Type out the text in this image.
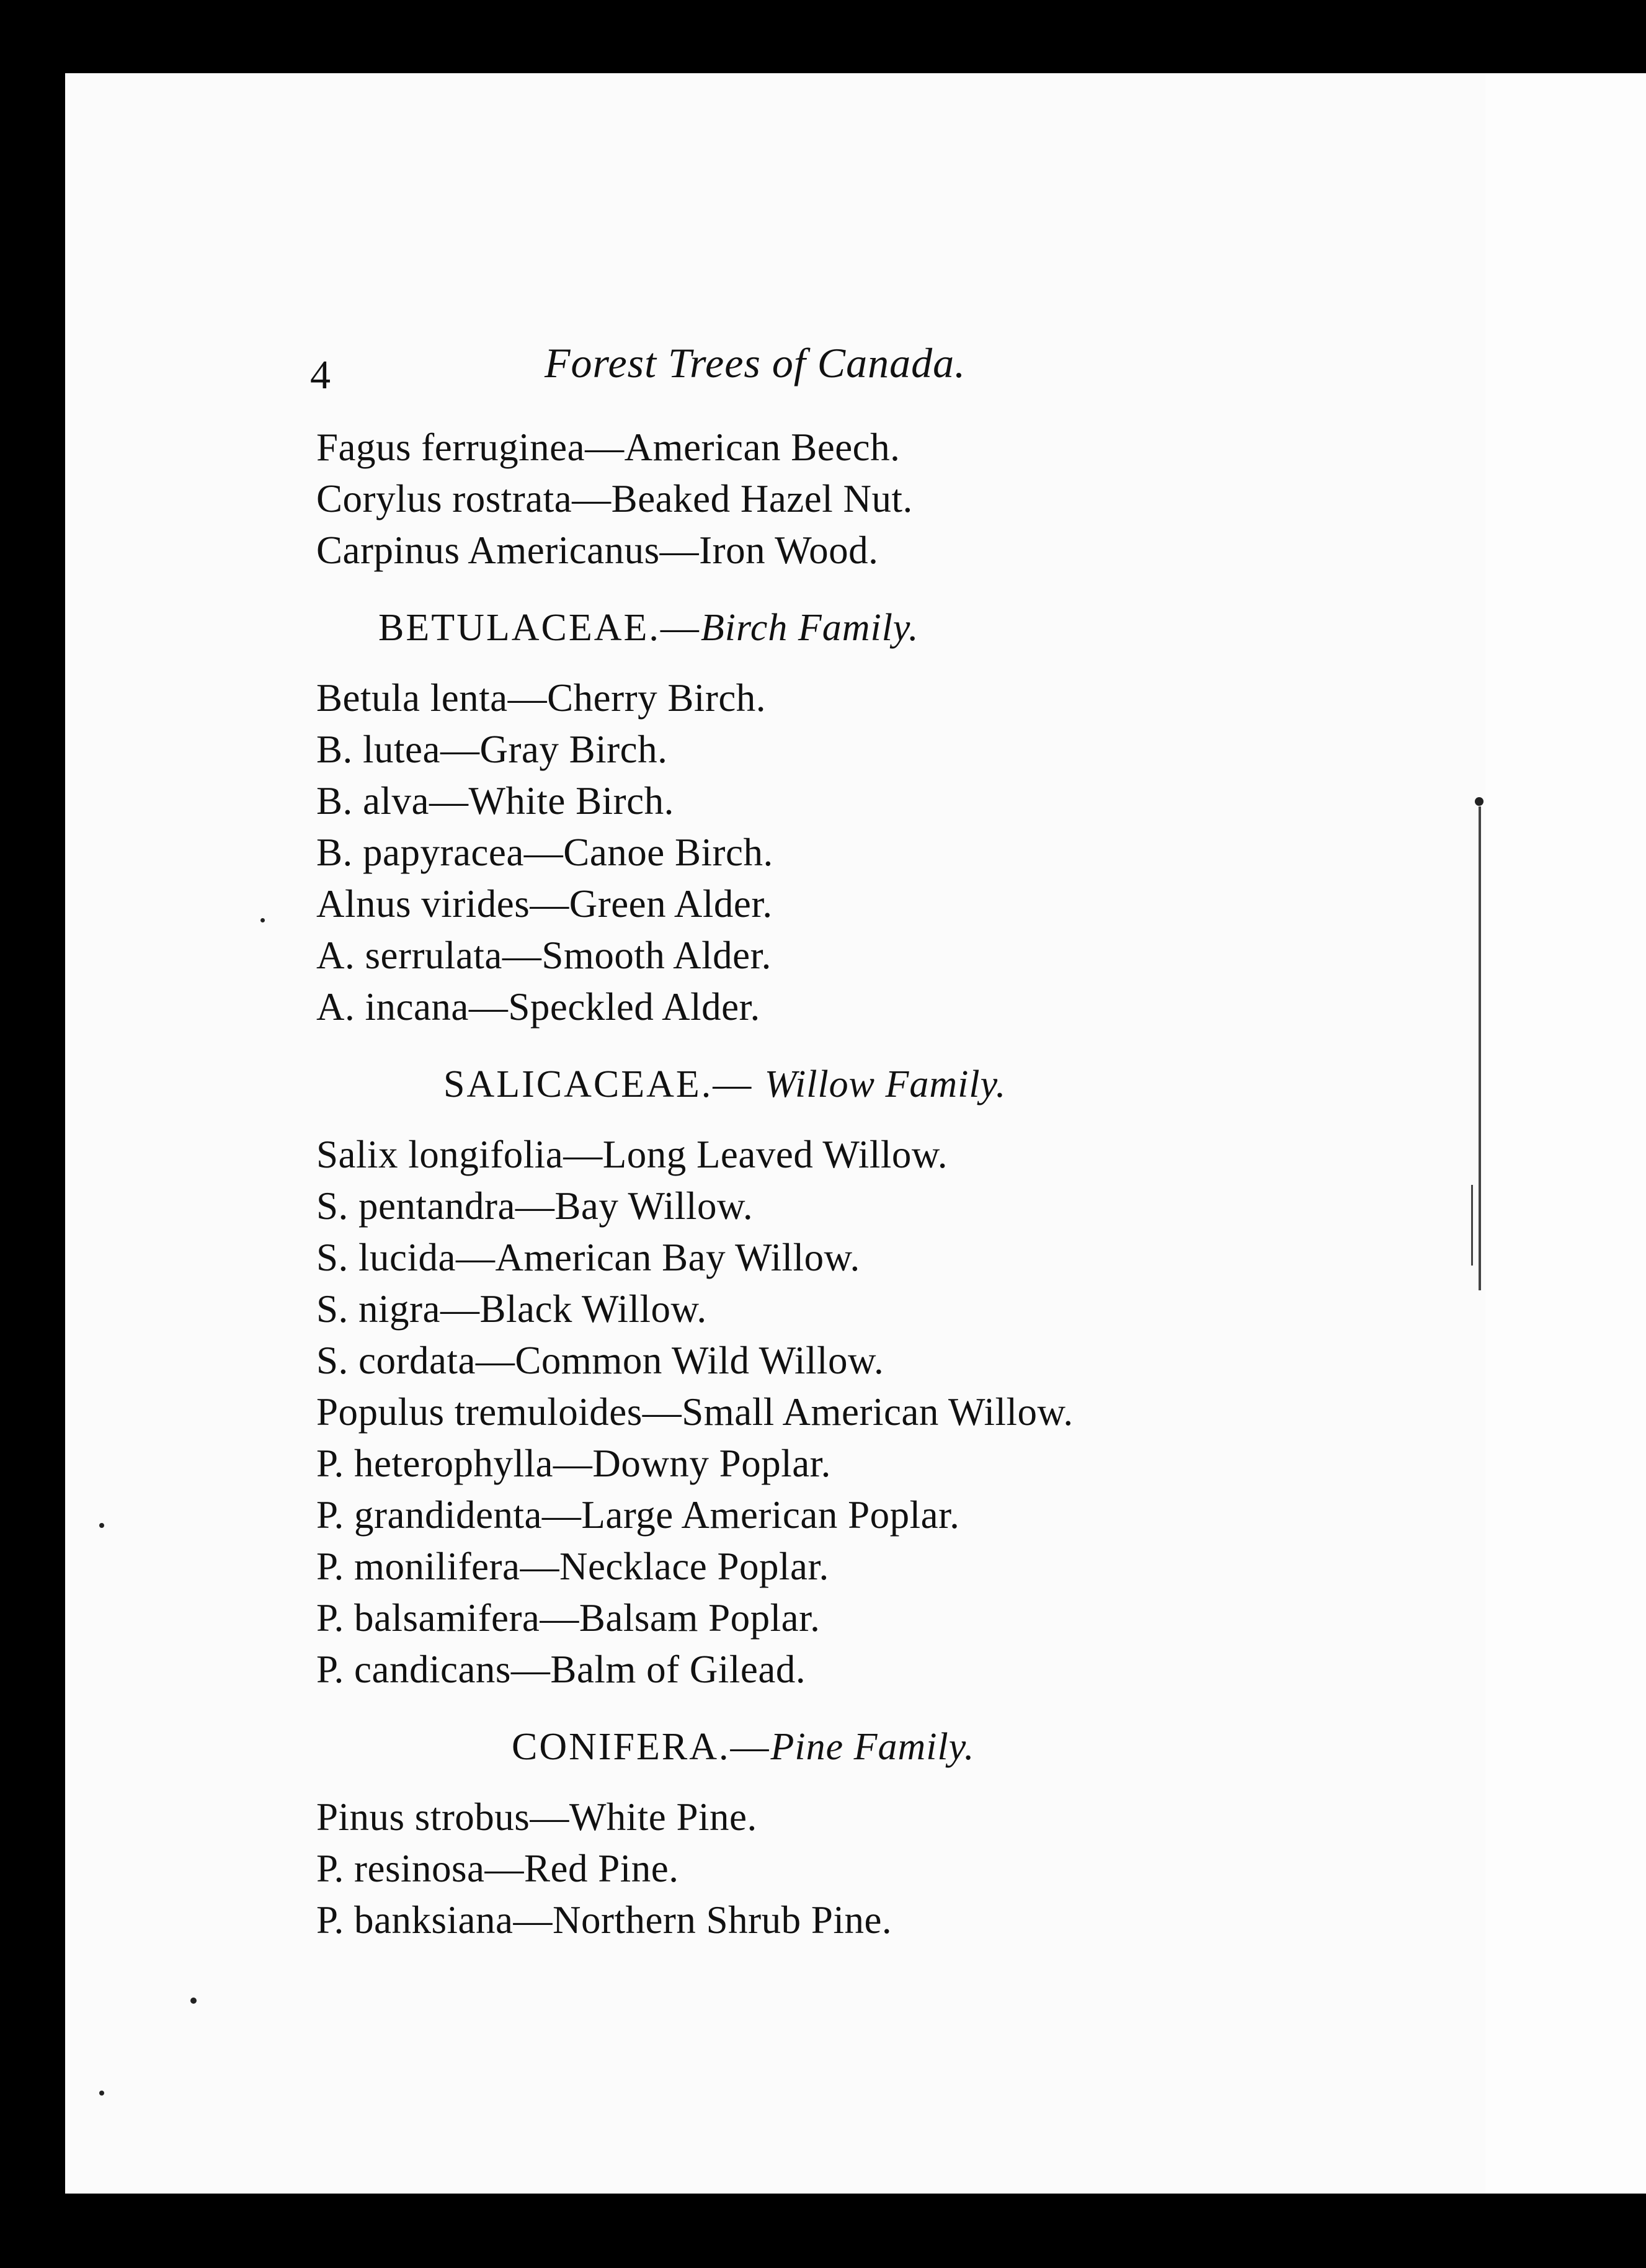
4	Forest Trees of Canada.
Fagus ferruginea—American Beech.
Corylus rostrata—Beaked Hazel Nut.
Carpinus Americanus—Iron Wood.
BETULACEAE.—Birch Family.
Betula lenta—Cherry Birch.
B. lutea—Gray Birch.
B. alva—White Birch.
B. papyracea—Canoe Birch.
Alnus virides—Green Alder.
A. serrulata—Smooth Alder.
A. incana—Speckled Alder.
SALICACEAE.— Willow Family.
Salix longifolia—Long Leaved Willow.
S. pentandra—Bay Willow.
S. lucida—American Bay Willow.
S. nigra—Black Willow.
S. cordata—Common Wild Willow.
Populus tremuloides—Small American Willow.
P. heterophylla—Downy Poplar.
P. grandidenta—Large American Poplar.
P. monilifera—Necklace Poplar.
P. balsamifera—Balsam Poplar.
P. candicans—Balm of Gilead.
CONIFERA.—Pine Family.
Pinus strobus—White Pine.
P. resinosa—Red Pine.
P. banksiana—Northern Shrub Pine.
